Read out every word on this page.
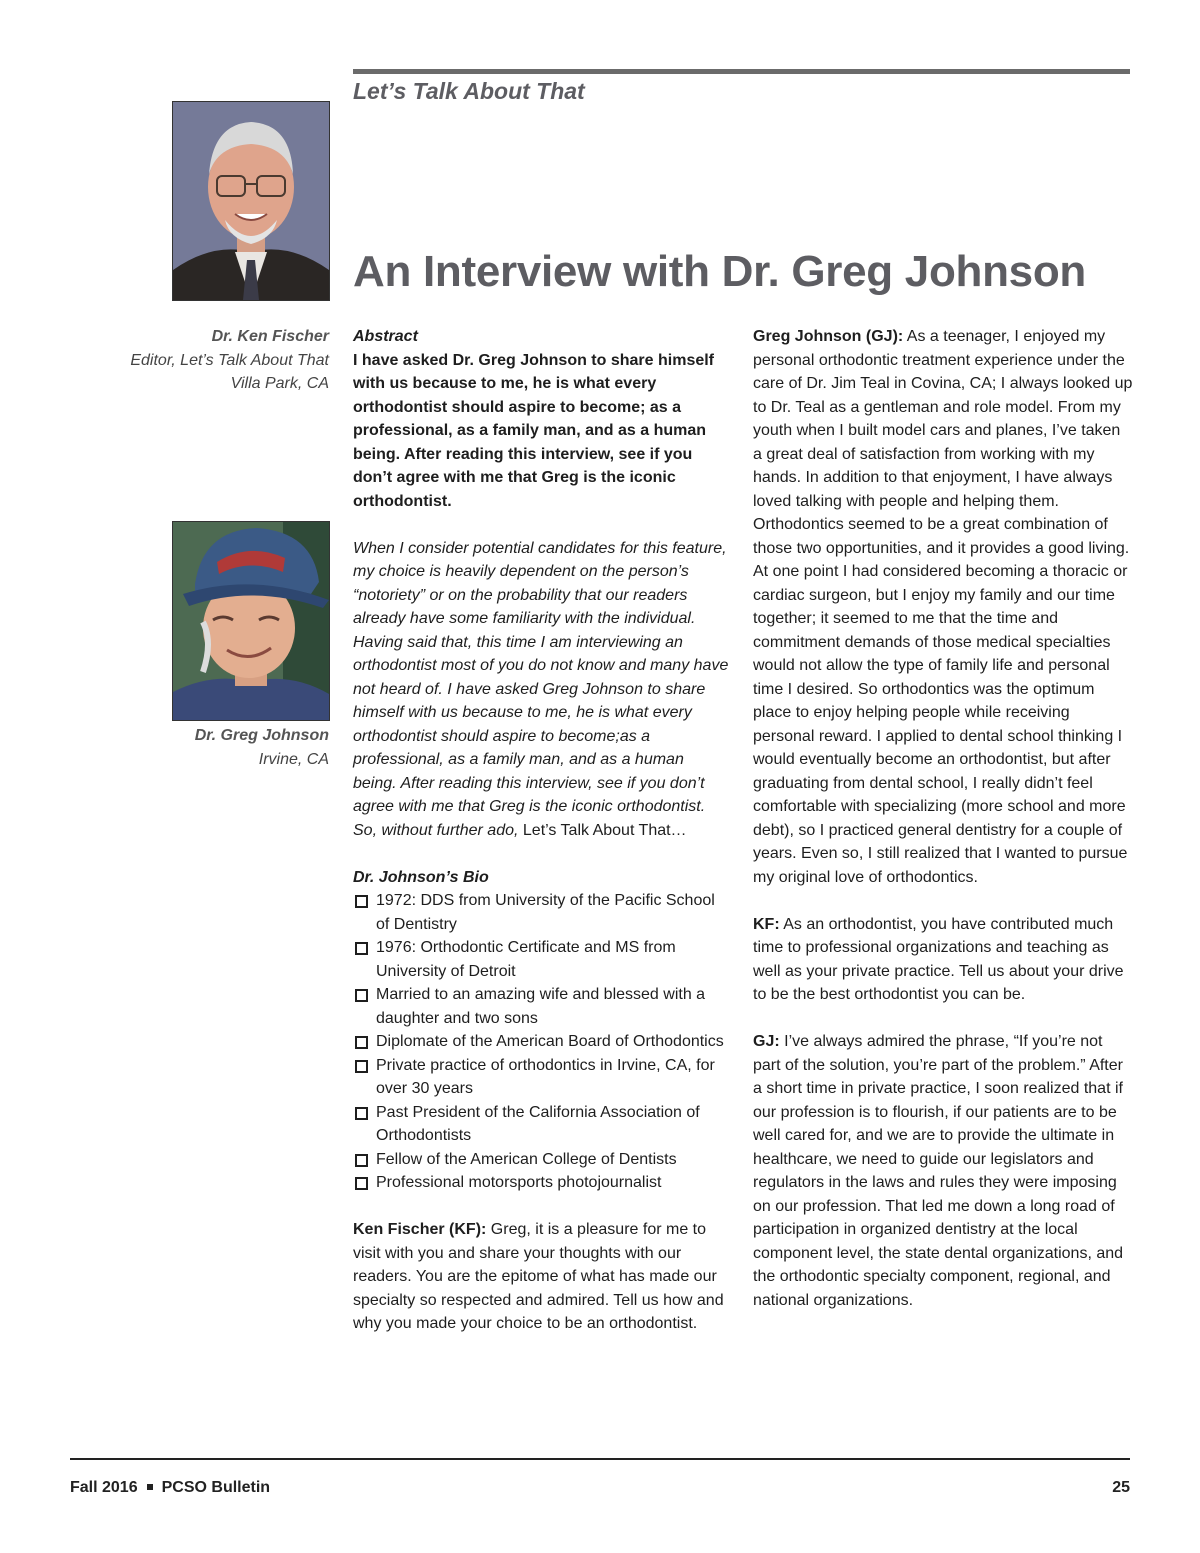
Let’s Talk About That
An Interview with Dr. Greg Johnson
Dr. Ken Fischer
Editor, Let’s Talk About That
Villa Park, CA
Dr. Greg Johnson
Irvine, CA
Abstract

I have asked Dr. Greg Johnson to share himself with us because to me, he is what every orthodontist should aspire to become; as a professional, as a family man, and as a human being. After reading this interview, see if you don’t agree with me that Greg is the iconic orthodontist.

When I consider potential candidates for this feature, my choice is heavily dependent on the person’s “notoriety” or on the probability that our readers already have some familiarity with the individual. Having said that, this time I am interviewing an orthodontist most of you do not know and many have not heard of. I have asked Greg Johnson to share himself with us because to me, he is what every orthodontist should aspire to become;as a professional, as a family man, and as a human being. After reading this interview, see if you don’t agree with me that Greg is the iconic orthodontist. So, without further ado, Let’s Talk About That…

Dr. Johnson’s Bio
1972: DDS from University of the Pacific School of Dentistry
1976: Orthodontic Certificate and MS from University of Detroit
Married to an amazing wife and blessed with a daughter and two sons
Diplomate of the American Board of Orthodontics
Private practice of orthodontics in Irvine, CA, for over 30 years
Past President of the California Association of Orthodontists
Fellow of the American College of Dentists
Professional motorsports photojournalist

Ken Fischer (KF): Greg, it is a pleasure for me to visit with you and share your thoughts with our readers. You are the epitome of what has made our specialty so respected and admired. Tell us how and why you made your choice to be an orthodontist.

Greg Johnson (GJ): As a teenager, I enjoyed my personal orthodontic treatment experience under the care of Dr. Jim Teal in Covina, CA; I always looked up to Dr. Teal as a gentleman and role model. From my youth when I built model cars and planes, I’ve taken a great deal of satisfaction from working with my hands. In addition to that enjoyment, I have always loved talking with people and helping them. Orthodontics seemed to be a great combination of those two opportunities, and it provides a good living. At one point I had considered becoming a thoracic or cardiac surgeon, but I enjoy my family and our time together; it seemed to me that the time and commitment demands of those medical specialties would not allow the type of family life and personal time I desired. So orthodontics was the optimum place to enjoy helping people while receiving personal reward. I applied to dental school thinking I would eventually become an orthodontist, but after graduating from dental school, I really didn’t feel comfortable with specializing (more school and more debt), so I practiced general dentistry for a couple of years. Even so, I still realized that I wanted to pursue my original love of orthodontics.

KF: As an orthodontist, you have contributed much time to professional organizations and teaching as well as your private practice. Tell us about your drive to be the best orthodontist you can be.

GJ: I’ve always admired the phrase, “If you’re not part of the solution, you’re part of the problem.” After a short time in private practice, I soon realized that if our profession is to flourish, if our patients are to be well cared for, and we are to provide the ultimate in healthcare, we need to guide our legislators and regulators in the laws and rules they were imposing on our profession. That led me down a long road of participation in organized dentistry at the local component level, the state dental organizations, and the orthodontic specialty component, regional, and national organizations.

Fall 2016 PCSO Bulletin	25
